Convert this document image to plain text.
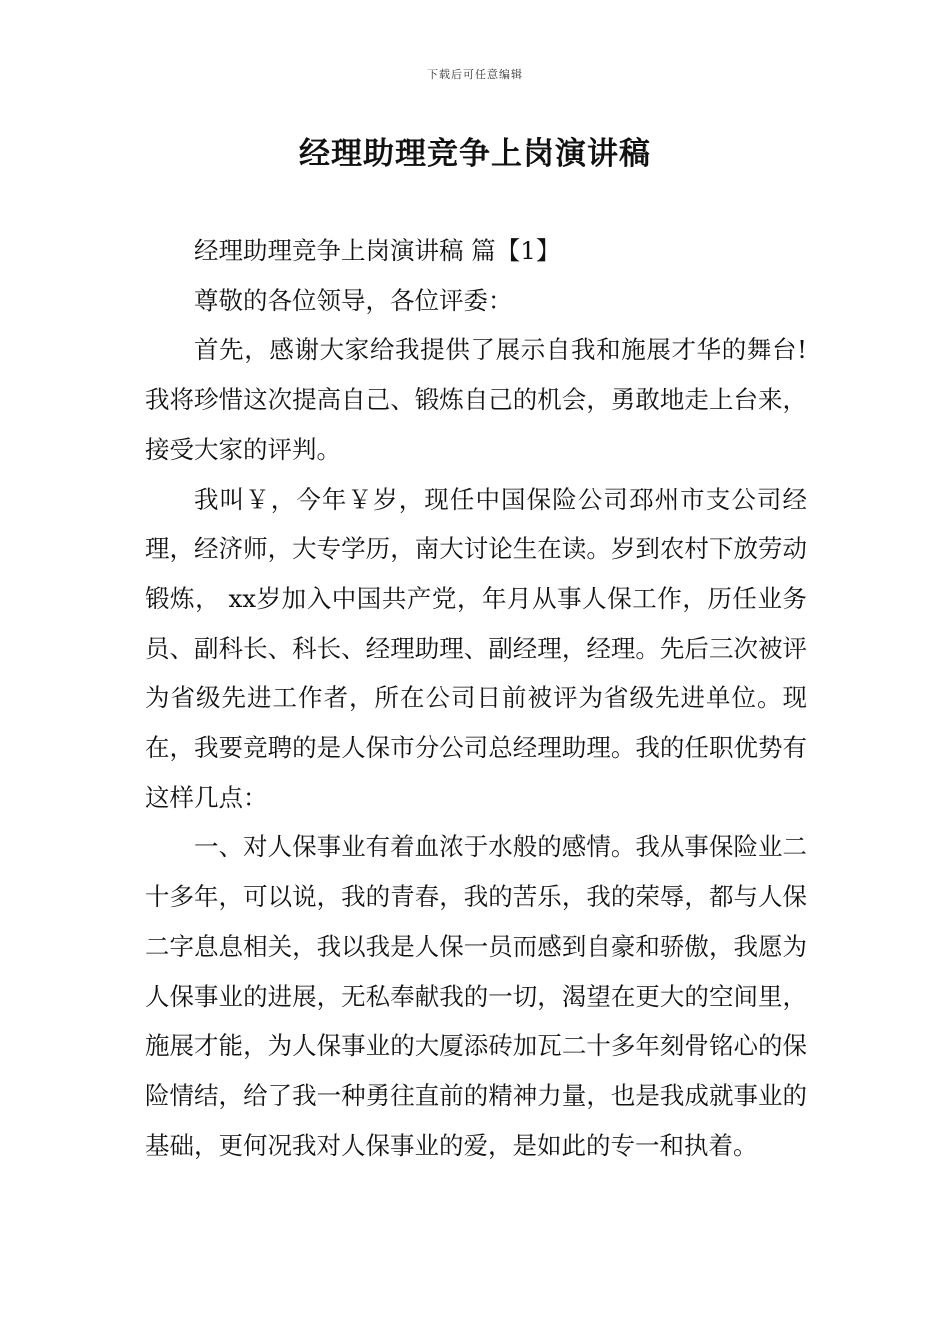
下载后可任意编辑
经理助理竞争上岗演讲稿

经理助理竞争上岗演讲稿 篇【1】

尊敬的各位领导，各位评委：

首先，感谢大家给我提供了展示自我和施展才华的舞台!我将珍惜这次提高自己、锻炼自己的机会，勇敢地走上台来，接受大家的评判。

我叫￥，今年￥岁，现任中国保险公司邳州市支公司经理，经济师，大专学历，南大讨论生在读。岁到农村下放劳动锻炼， xx岁加入中国共产党，年月从事人保工作，历任业务员、副科长、科长、经理助理、副经理，经理。先后三次被评为省级先进工作者，所在公司日前被评为省级先进单位。现在，我要竞聘的是人保市分公司总经理助理。我的任职优势有这样几点：

一、对人保事业有着血浓于水般的感情。我从事保险业二十多年，可以说，我的青春，我的苦乐，我的荣辱，都与人保二字息息相关，我以我是人保一员而感到自豪和骄傲，我愿为人保事业的进展，无私奉献我的一切，渴望在更大的空间里，施展才能，为人保事业的大厦添砖加瓦二十多年刻骨铭心的保险情结，给了我一种勇往直前的精神力量，也是我成就事业的基础，更何况我对人保事业的爱，是如此的专一和执着。
